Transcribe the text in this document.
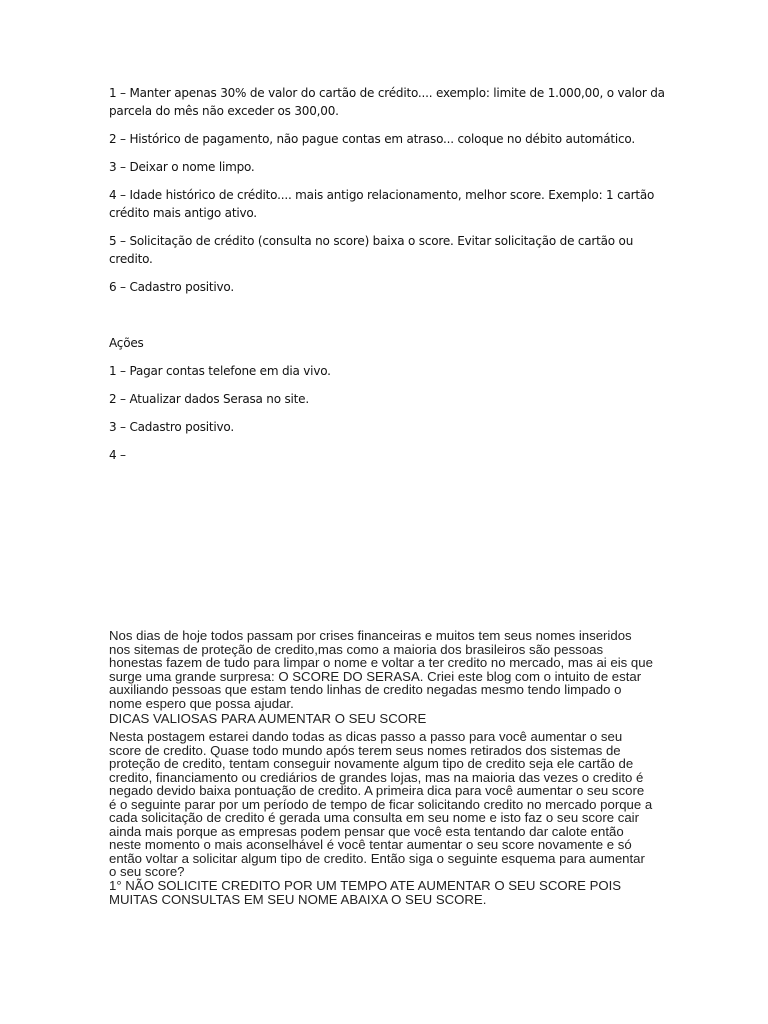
1 – Manter apenas 30% de valor do cartão de crédito.... exemplo: limite de 1.000,00, o valor da parcela do mês não exceder os 300,00.

2 – Histórico de pagamento, não pague contas em atraso... coloque no débito automático.

3 – Deixar o nome limpo.

4 – Idade histórico de crédito.... mais antigo relacionamento, melhor score. Exemplo: 1 cartão crédito mais antigo ativo.

5 – Solicitação de crédito (consulta no score) baixa o score. Evitar solicitação de cartão ou credito.

6 – Cadastro positivo.

Ações

1 – Pagar contas telefone em dia vivo.

2 – Atualizar dados Serasa no site.

3 – Cadastro positivo.

4 –

Nos dias de hoje todos passam por crises financeiras e muitos tem seus nomes inseridos nos sitemas de proteção de credito,mas como a maioria dos brasileiros são pessoas honestas fazem de tudo para limpar o nome e voltar a ter credito no mercado, mas ai eis que surge uma grande surpresa: O SCORE DO SERASA. Criei este blog com o intuito de estar auxiliando pessoas que estam tendo linhas de credito negadas mesmo tendo limpado o nome espero que possa ajudar.

DICAS VALIOSAS PARA AUMENTAR O SEU SCORE

Nesta postagem estarei dando todas as dicas passo a passo para você aumentar o seu score de credito. Quase todo mundo após terem seus nomes retirados dos sistemas de proteção de credito, tentam conseguir novamente algum tipo de credito seja ele cartão de credito, financiamento ou crediários de grandes lojas, mas na maioria das vezes o credito é negado devido baixa pontuação de credito. A primeira dica para você aumentar o seu score é o seguinte parar por um período de tempo de ficar solicitando credito no mercado porque a cada solicitação de credito é gerada uma consulta em seu nome e isto faz o seu score cair ainda mais porque as empresas podem pensar que você esta tentando dar calote então neste momento o mais aconselhável é você tentar aumentar o seu score novamente e só então voltar a solicitar algum tipo de credito. Então siga o seguinte esquema para aumentar o seu score?

1° NÃO SOLICITE CREDITO POR UM TEMPO ATE AUMENTAR O SEU SCORE POIS MUITAS CONSULTAS EM SEU NOME ABAIXA O SEU SCORE.
